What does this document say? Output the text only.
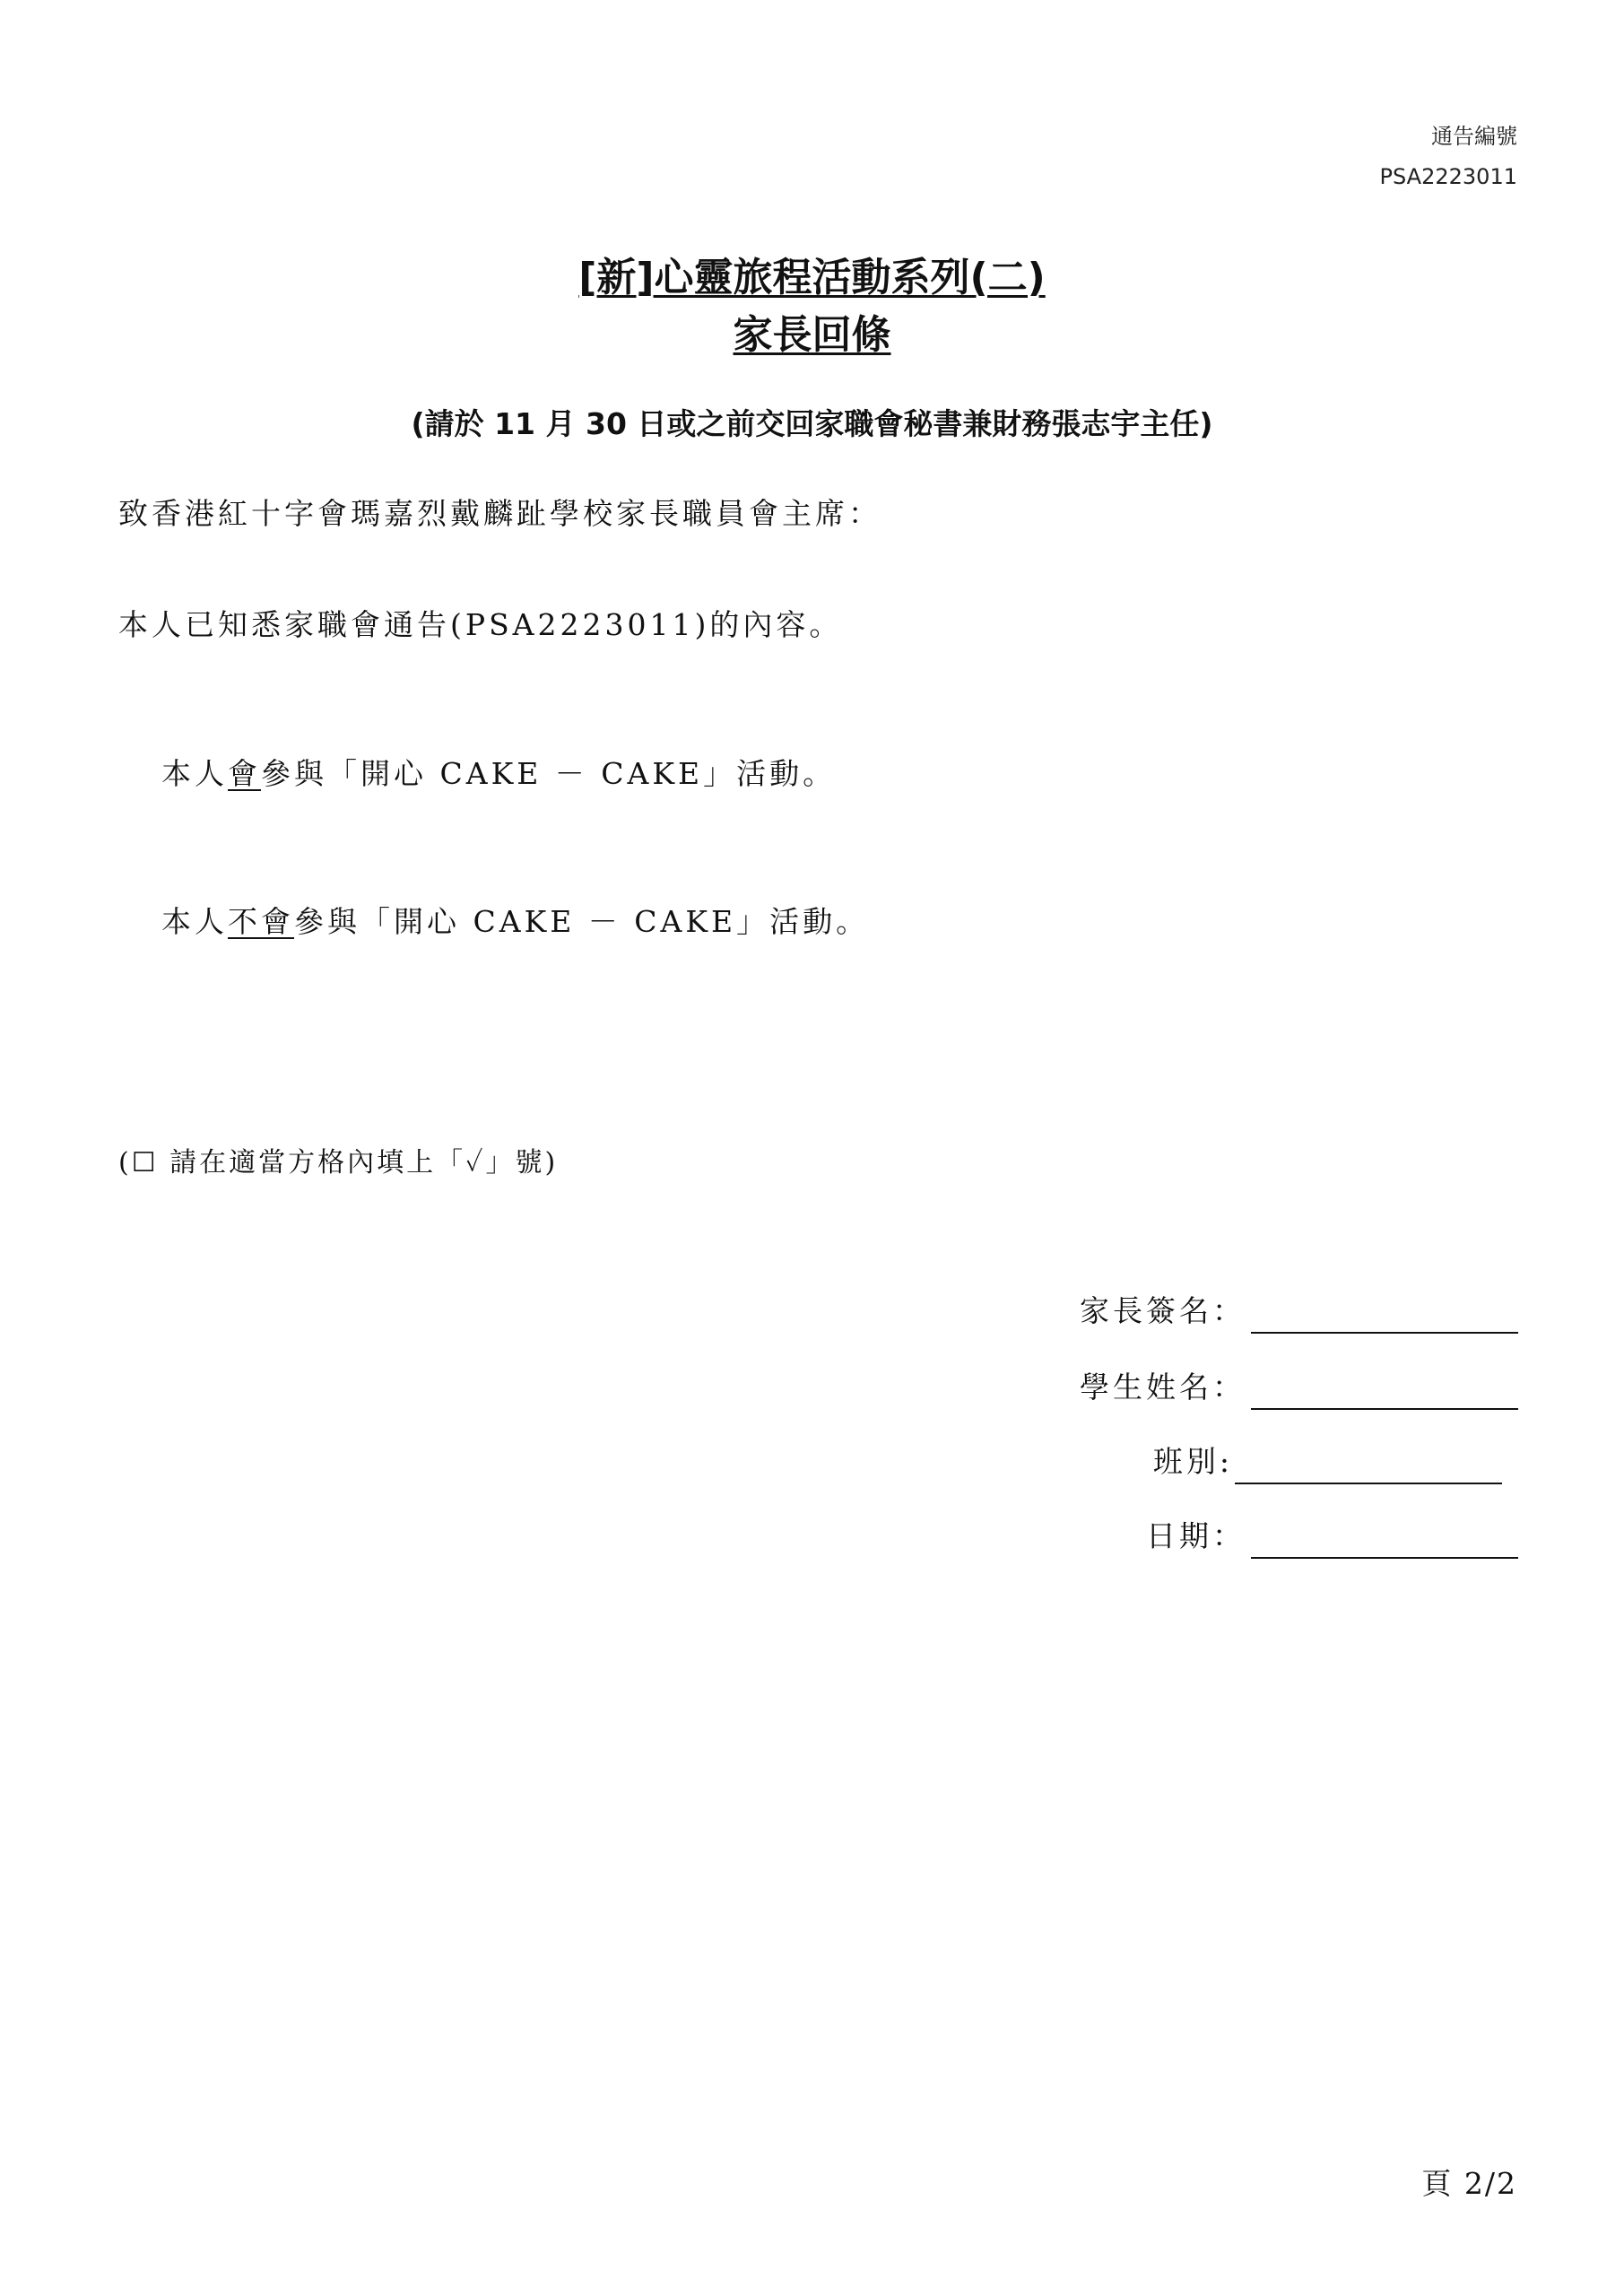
通告編號
PSA2223011
[新]心靈旅程活動系列(二)
家長回條
(請於 11 月 30 日或之前交回家職會秘書兼財務張志宇主任)
致香港紅十字會瑪嘉烈戴麟趾學校家長職員會主席：
本人已知悉家職會通告(PSA2223011)的內容。
本人會參與「開心 CAKE － CAKE」活動。
本人不會參與「開心 CAKE － CAKE」活動。
(☐ 請在適當方格內填上「✓」號)
家長簽名：
學生姓名：
班別:
日期：
頁 2/2
